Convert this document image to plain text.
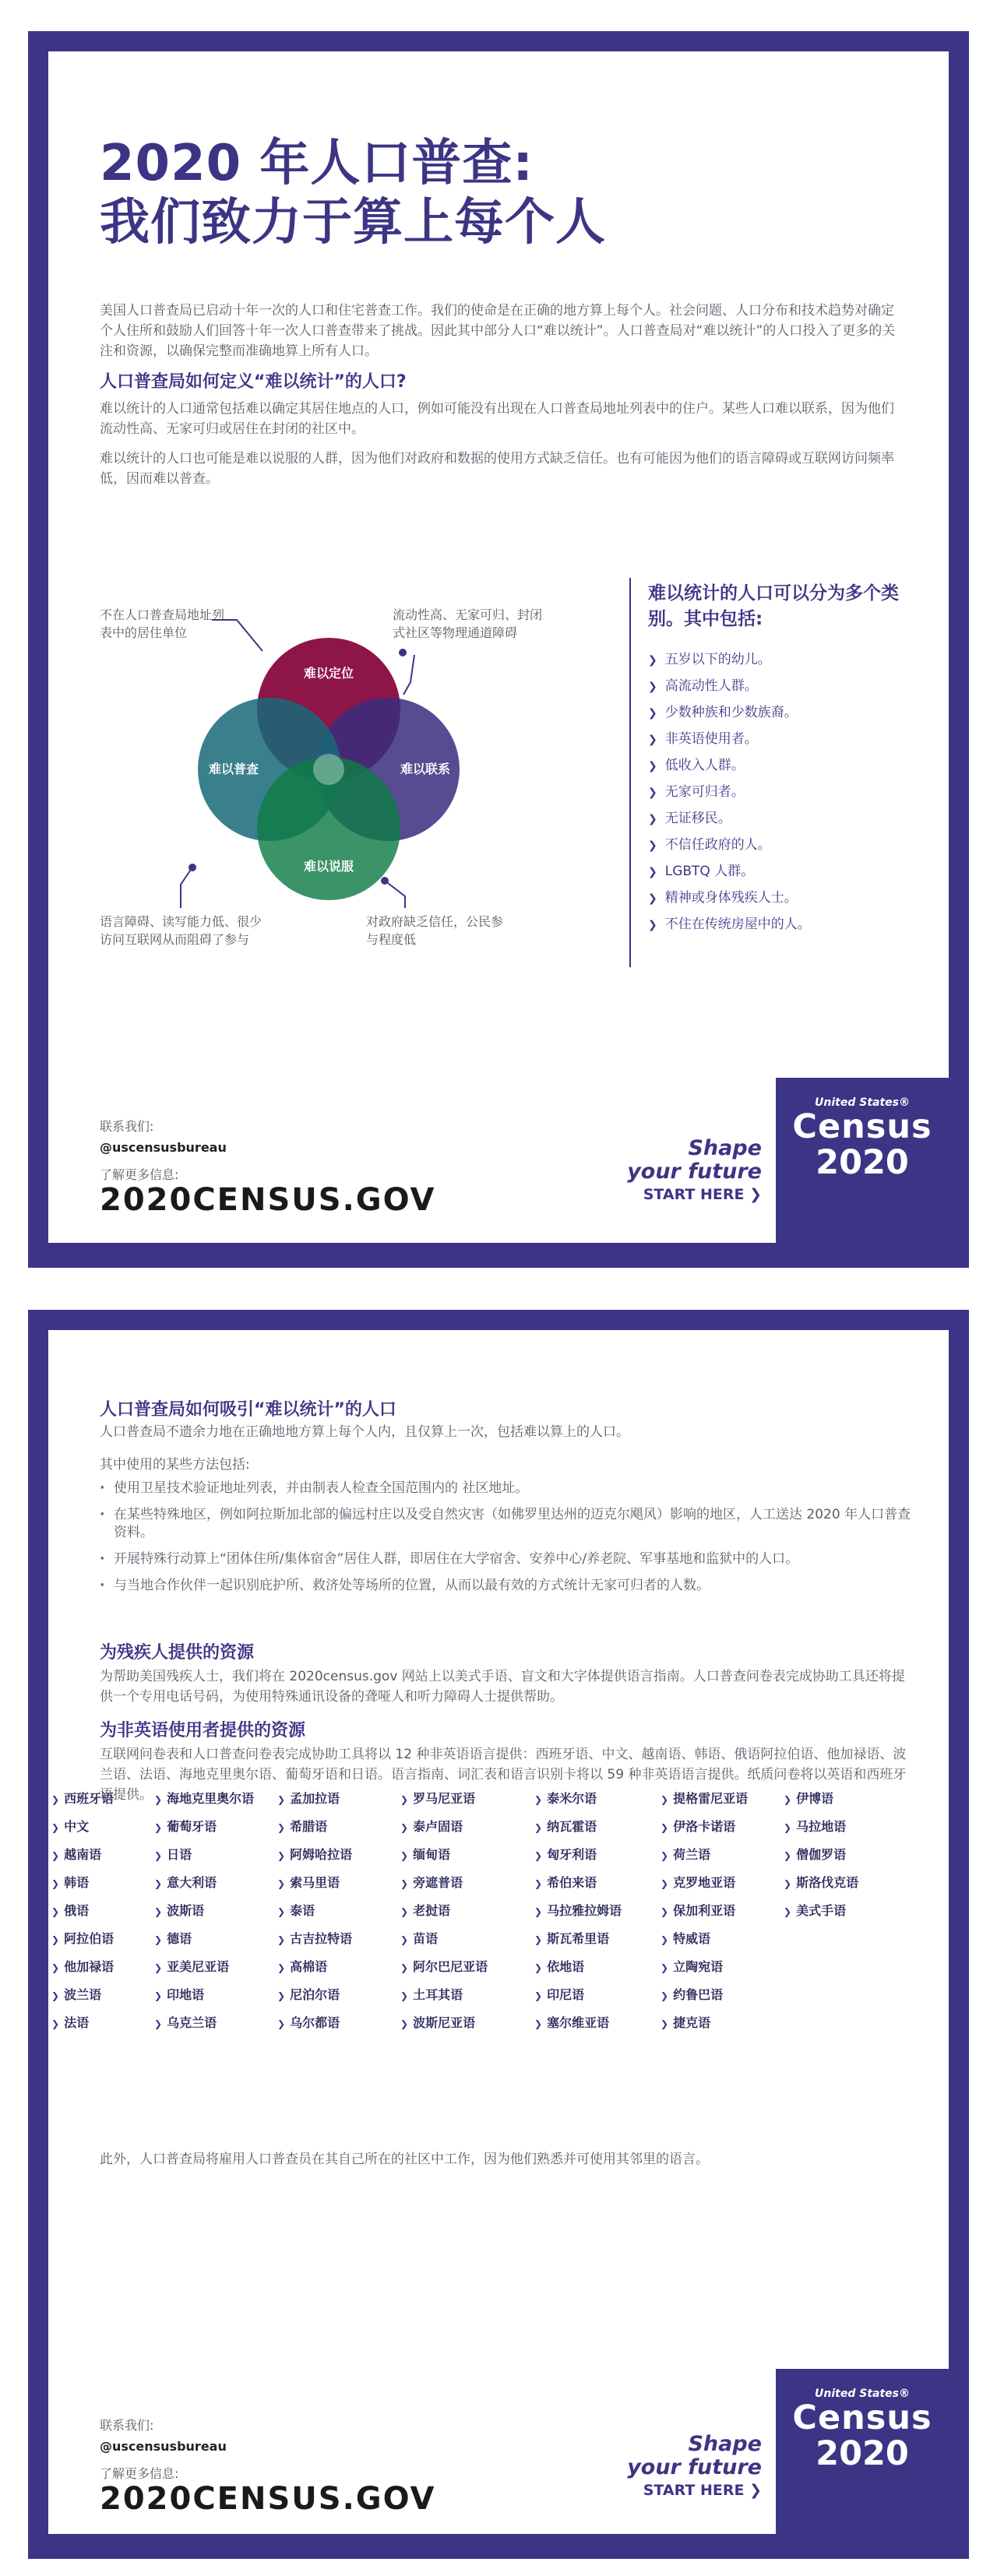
2020 年人口普查:
我们致力于算上每个人

美国人口普查局已启动十年一次的人口和住宅普查工作。我们的使命是在正确的地方算上每个人。社会问题、人口分布和技术趋势对确定个人住所和鼓励人们回答十年一次人口普查带来了挑战。因此其中部分人口“难以统计”。人口普查局对“难以统计”的人口投入了更多的关注和资源，以确保完整而准确地算上所有人口。

人口普查局如何定义“难以统计”的人口?

难以统计的人口通常包括难以确定其居住地点的人口，例如可能没有出现在人口普查局地址列表中的住户。某些人口难以联系，因为他们流动性高、无家可归或居住在封闭的社区中。

难以统计的人口也可能是难以说服的人群，因为他们对政府和数据的使用方式缺乏信任。也有可能因为他们的语言障碍或互联网访问频率低，因而难以普查。

难以定位
难以普查	难以联系
难以说服

不在人口普查局地址列表中的居住单位

流动性高、无家可归、封闭式社区等物理通道障碍

语言障碍、读写能力低、很少访问互联网从而阻碍了参与

对政府缺乏信任，公民参与程度低

难以统计的人口可以分为多个类别。其中包括:
❯ 五岁以下的幼儿。
❯ 高流动性人群。
❯ 少数种族和少数族裔。
❯ 非英语使用者。
❯ 低收入人群。
❯ 无家可归者。
❯ 无证移民。
❯ 不信任政府的人。
❯ LGBTQ 人群。
❯ 精神或身体残疾人士。
❯ 不住在传统房屋中的人。

联系我们:

@uscensusbureau

了解更多信息:

2020CENSUS.GOV

Shape
your future
START HERE ❯

United States®
Census
2020
人口普查局如何吸引“难以统计”的人口

人口普查局不遗余力地在正确地地方算上每个人内，且仅算上一次，包括难以算上的人口。

其中使用的某些方法包括:

· 使用卫星技术验证地址列表，并由制表人检查全国范围内的 社区地址。
· 在某些特殊地区，例如阿拉斯加北部的偏远村庄以及受自然灾害（如佛罗里达州的迈克尔飓风）影响的地区，人工送达 2020 年人口普查资料。
· 开展特殊行动算上“团体住所/集体宿舍”居住人群，即居住在大学宿舍、安养中心/养老院、军事基地和监狱中的人口。
· 与当地合作伙伴一起识别庇护所、救济处等场所的位置，从而以最有效的方式统计无家可归者的人数。
为残疾人提供的资源

为帮助美国残疾人士，我们将在 2020census.gov 网站上以美式手语、盲文和大字体提供语言指南。人口普查问卷表完成协助工具还将提供一个专用电话号码，为使用特殊通讯设备的聋哑人和听力障碍人士提供帮助。

为非英语使用者提供的资源

互联网问卷表和人口普查问卷表完成协助工具将以 12 种非英语语言提供：西班牙语、中文、越南语、韩语、俄语阿拉伯语、他加禄语、波兰语、法语、海地克里奥尔语、葡萄牙语和日语。语言指南、词汇表和语言识别卡将以 59 种非英语语言提供。纸质问卷将以英语和西班牙语提供。

此外，人口普查局将雇用人口普查员在其自己所在的社区中工作，因为他们熟悉并可使用其邻里的语言。

联系我们:

@uscensusbureau

了解更多信息:

2020CENSUS.GOV

Shape
your future
START HERE ❯

United States®
Census
2020
❯ 西班牙语
❯ 中文
❯ 越南语
❯ 韩语
❯ 俄语
❯ 阿拉伯语
❯ 他加禄语
❯ 波兰语
❯ 法语
❯ 海地克里奥尔语
❯ 葡萄牙语
❯ 日语
❯ 意大利语
❯ 波斯语
❯ 德语
❯ 亚美尼亚语
❯ 印地语
❯ 乌克兰语
❯ 孟加拉语
❯ 希腊语
❯ 阿姆哈拉语
❯ 索马里语
❯ 泰语
❯ 古吉拉特语
❯ 高棉语
❯ 尼泊尔语
❯ 乌尔都语
❯ 罗马尼亚语
❯ 泰卢固语
❯ 缅甸语
❯ 旁遮普语
❯ 老挝语
❯ 苗语
❯ 阿尔巴尼亚语
❯ 土耳其语
❯ 波斯尼亚语
❯ 泰米尔语
❯ 纳瓦霍语
❯ 匈牙利语
❯ 希伯来语
❯ 马拉雅拉姆语
❯ 斯瓦希里语
❯ 依地语
❯ 印尼语
❯ 塞尔维亚语
❯ 提格雷尼亚语
❯ 伊洛卡诺语
❯ 荷兰语
❯ 克罗地亚语
❯ 保加利亚语
❯ 特威语
❯ 立陶宛语
❯ 约鲁巴语
❯ 捷克语
❯ 伊博语
❯ 马拉地语
❯ 僧伽罗语
❯ 斯洛伐克语
❯ 美式手语
